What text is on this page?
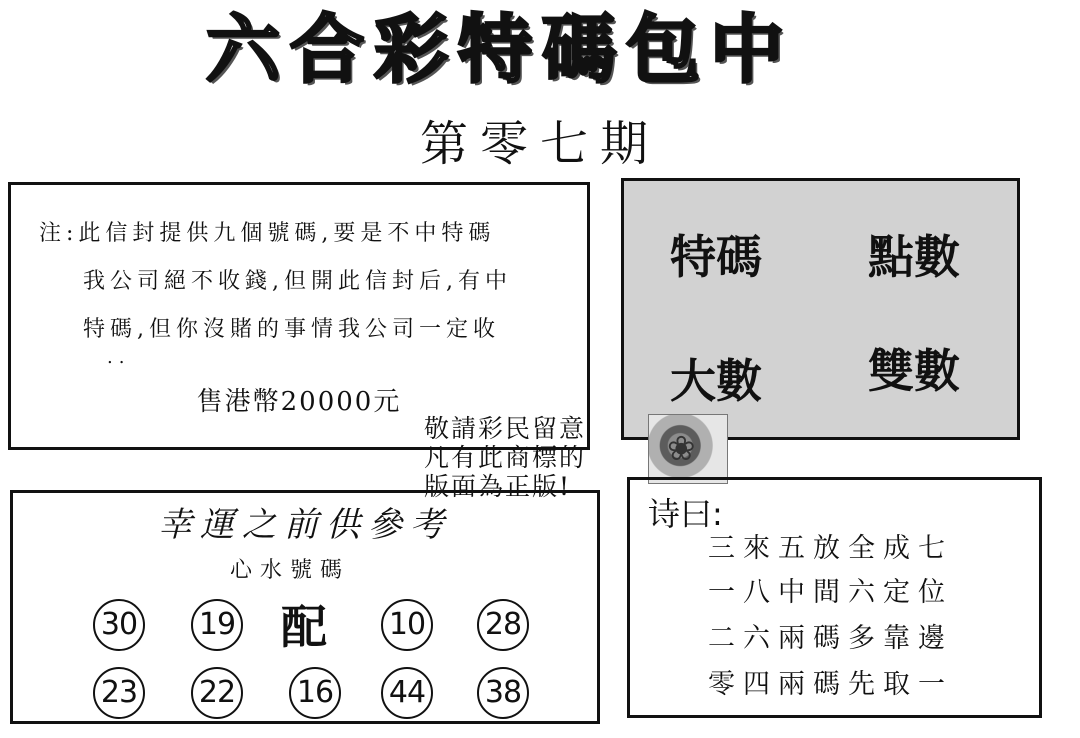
六合彩特碼包中
第零七期
注:此信封提供九個號碼,要是不中特碼
我公司絕不收錢,但開此信封后,有中
特碼,但你沒賭的事情我公司一定收
..
售港幣20000元
特碼 點數
大數 雙數
敬請彩民留意
凡有此商標的
版面為正版!
❀
幸運之前供參考
心水號碼
30 19 配 10 28
23 22 16 44 38
诗曰:
三來五放全成七
一八中間六定位
二六兩碼多靠邊
零四兩碼先取一
